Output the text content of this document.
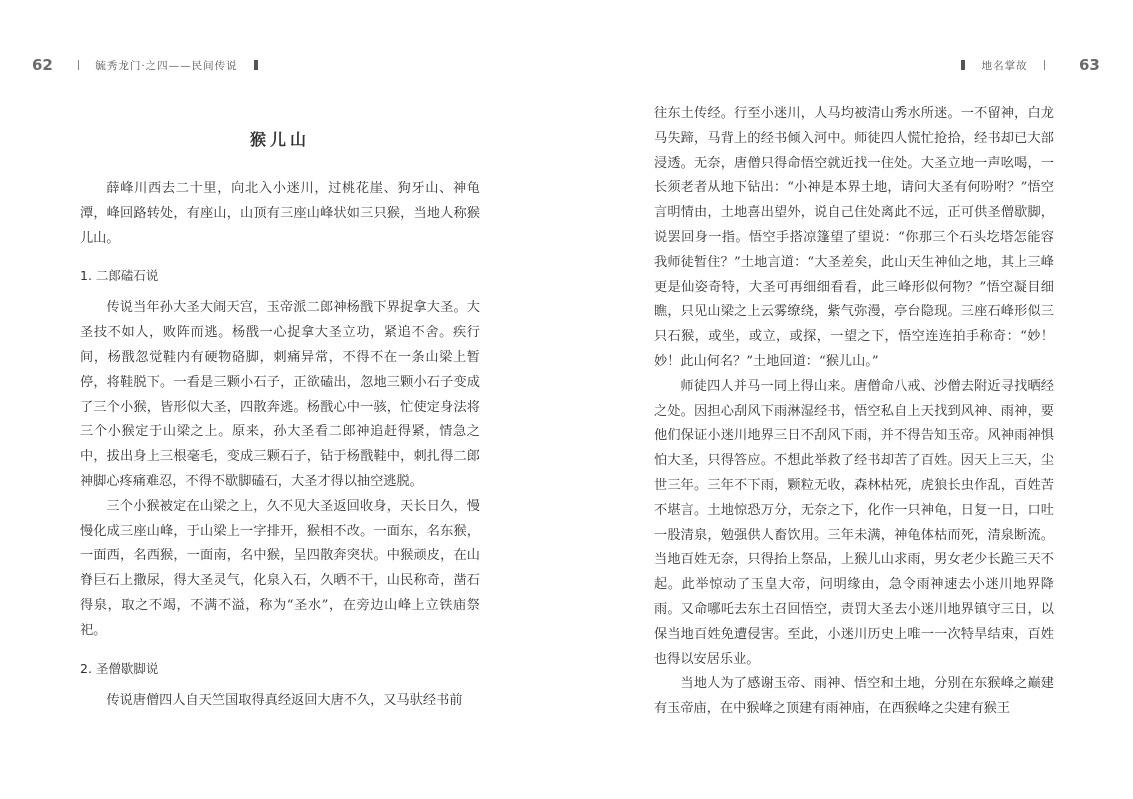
62	毓秀龙门·之四——民间传说	地名掌故	63
猴儿山

薛峰川西去二十里，向北入小迷川，过桃花崖、狗牙山、神龟潭，峰回路转处，有座山，山顶有三座山峰状如三只猴，当地人称猴儿山。

1. 二郎磕石说

传说当年孙大圣大闹天宫，玉帝派二郎神杨戬下界捉拿大圣。大圣技不如人，败阵而逃。杨戬一心捉拿大圣立功，紧追不舍。疾行间，杨戬忽觉鞋内有硬物硌脚，刺痛异常，不得不在一条山梁上暂停，将鞋脱下。一看是三颗小石子，正欲磕出，忽地三颗小石子变成了三个小猴，皆形似大圣，四散奔逃。杨戬心中一骇，忙使定身法将三个小猴定于山梁之上。原来，孙大圣看二郎神追赶得紧，情急之中，拔出身上三根毫毛，变成三颗石子，钻于杨戬鞋中，刺扎得二郎神脚心疼痛难忍，不得不歇脚磕石，大圣才得以抽空逃脱。

三个小猴被定在山梁之上，久不见大圣返回收身，天长日久，慢慢化成三座山峰，于山梁上一字排开，猴相不改。一面东，名东猴，一面西，名西猴，一面南，名中猴，呈四散奔突状。中猴顽皮，在山脊巨石上撒尿，得大圣灵气，化泉入石，久晒不干，山民称奇，凿石得泉，取之不竭，不满不溢，称为“圣水”，在旁边山峰上立铁庙祭祀。

2. 圣僧歇脚说

传说唐僧四人自天竺国取得真经返回大唐不久，又马驮经书前

往东土传经。行至小迷川，人马均被清山秀水所迷。一不留神，白龙马失蹄，马背上的经书倾入河中。师徒四人慌忙抢拾，经书却已大部浸透。无奈，唐僧只得命悟空就近找一住处。大圣立地一声吆喝，一长须老者从地下钻出：“小神是本界土地，请问大圣有何吩咐？”悟空言明情由，土地喜出望外，说自己住处离此不远，正可供圣僧歇脚，说罢回身一指。悟空手搭凉篷望了望说：“你那三个石头圪塔怎能容我师徒暂住？”土地言道：“大圣差矣，此山天生神仙之地，其上三峰更是仙姿奇特，大圣可再细细看看，此三峰形似何物？”悟空凝目细瞧，只见山梁之上云雾缭绕，紫气弥漫，亭台隐现。三座石峰形似三只石猴，或坐，或立，或探，一望之下，悟空连连拍手称奇：“妙！妙！此山何名？”土地回道：“猴儿山。”

师徒四人并马一同上得山来。唐僧命八戒、沙僧去附近寻找晒经之处。因担心刮风下雨淋湿经书，悟空私自上天找到风神、雨神，要他们保证小迷川地界三日不刮风下雨，并不得告知玉帝。风神雨神惧怕大圣，只得答应。不想此举救了经书却苦了百姓。因天上三天，尘世三年。三年不下雨，颗粒无收，森林枯死，虎狼长虫作乱，百姓苦不堪言。土地惊恐万分，无奈之下，化作一只神龟，日复一日，口吐一股清泉，勉强供人畜饮用。三年未满，神龟体枯而死，清泉断流。当地百姓无奈，只得抬上祭品，上猴儿山求雨，男女老少长跪三天不起。此举惊动了玉皇大帝，问明缘由，急令雨神速去小迷川地界降雨。又命哪吒去东土召回悟空，责罚大圣去小迷川地界镇守三日，以保当地百姓免遭侵害。至此，小迷川历史上唯一一次特旱结束，百姓也得以安居乐业。

当地人为了感谢玉帝、雨神、悟空和土地，分别在东猴峰之巅建有玉帝庙，在中猴峰之顶建有雨神庙，在西猴峰之尖建有猴王
